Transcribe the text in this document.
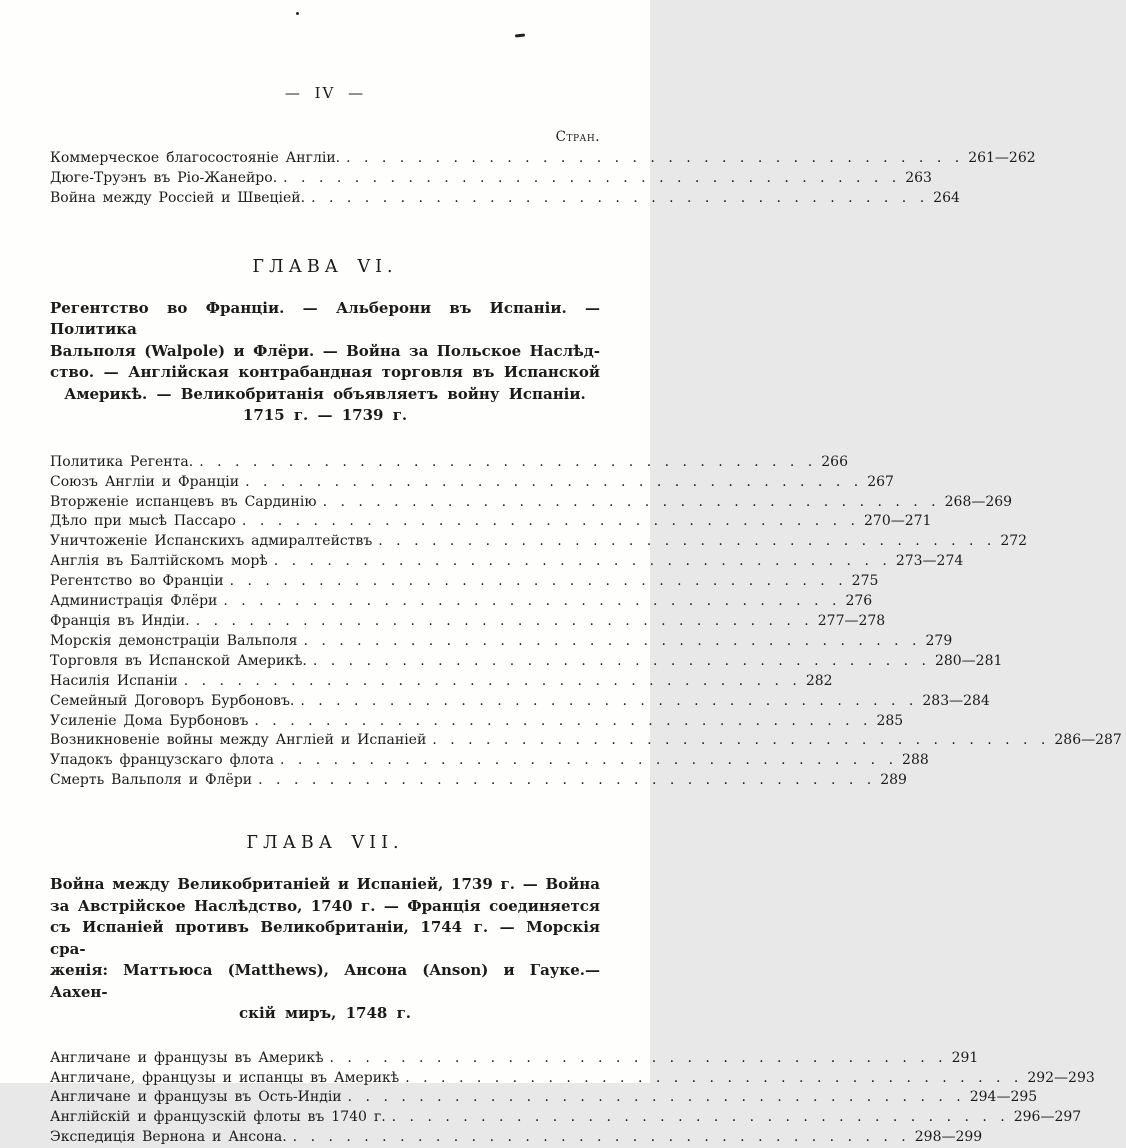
— IV —
Стран.
Коммерческое благосостояніе Англіи. . . .	261—262
Дюге-Труэнъ въ Ріо-Жанейро. . . .	263
Война между Россіей и Швеціей. . . .	264
ГЛАВА VI.
Регентство во Франціи. — Альберони въ Испаніи. — Политика
Вальполя (Walpole) и Флёри. — Война за Польское Наслѣд-
ство. — Англійская контрабандная торговля въ Испанской
Америкѣ. — Великобританія объявляетъ войну Испаніи.
1715 г. — 1739 г.
Политика Регента. . . .	266
Союзъ Англіи и Франціи . . .	267
Вторженіе испанцевъ въ Сардинію . . .	268—269
Дѣло при мысѣ Пассаро . . .	270—271
Уничтоженіе Испанскихъ адмиралтействъ . . .	272
Англія въ Балтійскомъ морѣ . . .	273—274
Регентство во Франціи . . .	275
Администрація Флёри . . .	276
Франція въ Индіи. . . .	277—278
Морскія демонстраціи Вальполя . . .	279
Торговля въ Испанской Америкѣ. . . .	280—281
Насилія Испаніи . . .	282
Семейный Договоръ Бурбоновъ. . . .	283—284
Усиленіе Дома Бурбоновъ . . .	285
Возникновеніе войны между Англіей и Испаніей . . .	286—287
Упадокъ французскаго флота . . .	288
Смерть Вальполя и Флёри . . .	289
ГЛАВА VII.
Война между Великобританіей и Испаніей, 1739 г. — Война
за Австрійское Наслѣдство, 1740 г. — Франція соединяется
съ Испаніей противъ Великобританіи, 1744 г. — Морскія сра-
женія: Маттьюса (Matthews), Ансона (Anson) и Гауке.—Аахен-
скій миръ, 1748 г.
Англичане и французы въ Америкѣ . . .	291
Англичане, французы и испанцы въ Америкѣ . . .	292—293
Англичане и французы въ Ость-Индіи . . .	294—295
Англійскій и французскій флоты въ 1740 г. . . .	296—297
Экспедиція Вернона и Ансона. . . .	298—299
